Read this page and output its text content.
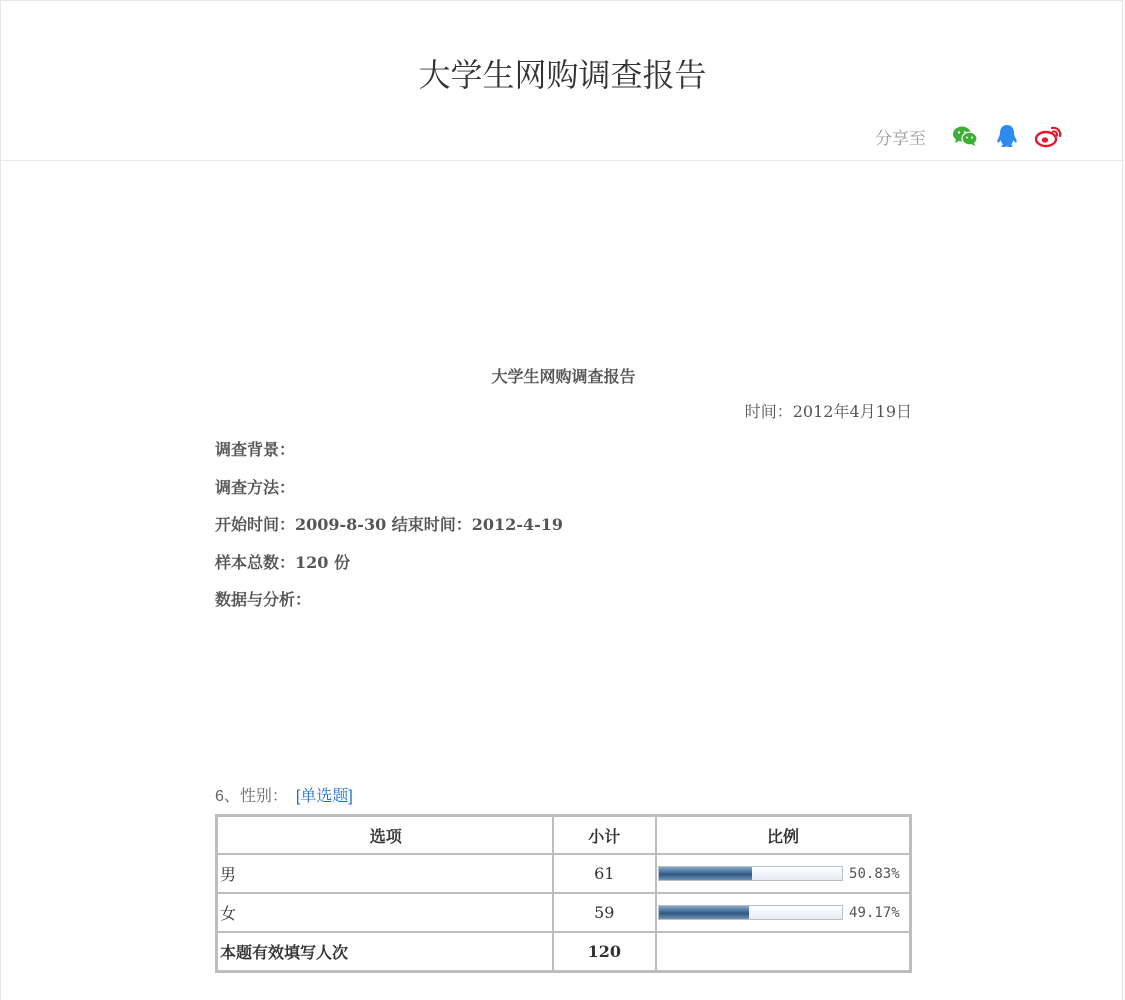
大学生网购调查报告
分享至
大学生网购调查报告
时间：2012年4月19日
调查背景：
调查方法：
开始时间：2009-8-30 结束时间：2012-4-19
样本总数：120 份
数据与分析：
6、性别： [单选题]
选项	小计	比例
男	61	50.83%

女	59	49.17%

本题有效填写人次	120	
